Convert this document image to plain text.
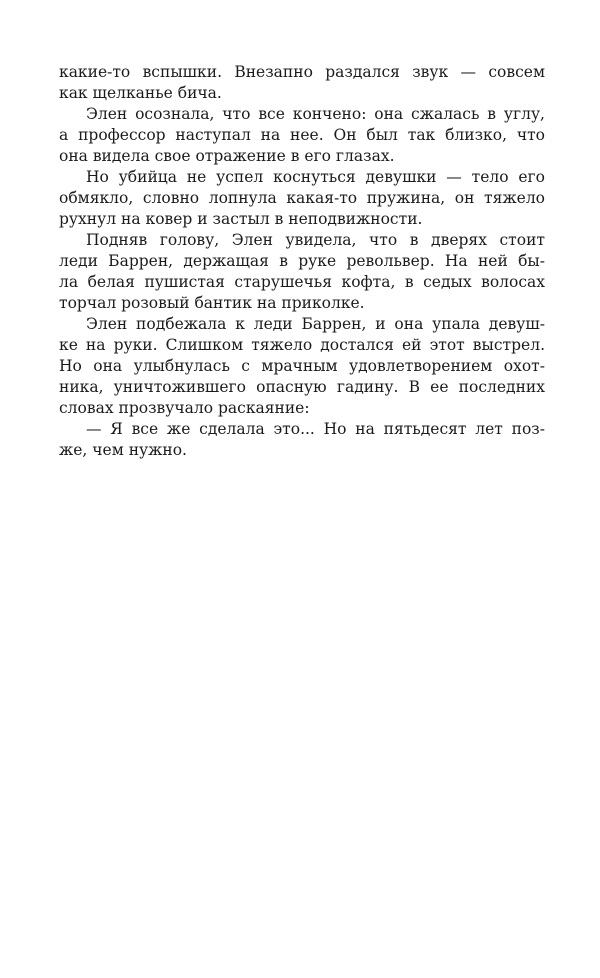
какие-то вспышки. Внезапно раздался звук — совсем
как щелканье бича.
Элен осознала, что все кончено: она сжалась в углу,
а профессор наступал на нее. Он был так близко, что
она видела свое отражение в его глазах.
Но убийца не успел коснуться девушки — тело его
обмякло, словно лопнула какая-то пружина, он тяжело
рухнул на ковер и застыл в неподвижности.
Подняв голову, Элен увидела, что в дверях стоит
леди Баррен, держащая в руке револьвер. На ней бы-
ла белая пушистая старушечья кофта, в седых волосах
торчал розовый бантик на приколке.
Элен подбежала к леди Баррен, и она упала девуш-
ке на руки. Слишком тяжело достался ей этот выстрел.
Но она улыбнулась с мрачным удовлетворением охот-
ника, уничтожившего опасную гадину. В ее последних
словах прозвучало раскаяние:
— Я все же сделала это... Но на пятьдесят лет поз-
же, чем нужно.
